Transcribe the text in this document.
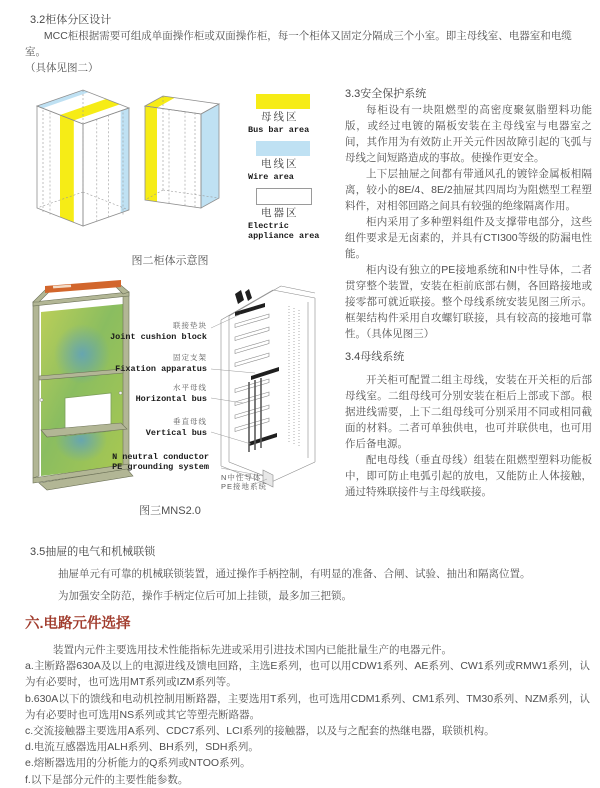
3.2柜体分区设计

MCC柜根据需要可组成单面操作柜或双面操作柜，每一个柜体又固定分隔成三个小室。即主母线室、电器室和电缆室。

（具体见图二）

母线区
Bus bar area
电线区
Wire area
电器区
Electric appliance area
图二柜体示意图
联接垫块
Joint cushion block
固定支架
Fixation apparatus
水平母线
Horizontal bus
垂直母线
Vertical bus
N neutral conductor
PE grounding system
N中性导体
PE接地系统
图三MNS2.0
3.3安全保护系统

每柜设有一块阻燃型的高密度聚氨脂塑料功能版，或经过电镀的隔板安装在主母线室与电器室之间，其作用为有效防止开关元件因故障引起的飞弧与母线之间短路造成的事故。使操作更安全。

上下层抽屉之间都有带通风孔的镀锌金属板相隔离，较小的8E/4、8E/2抽屉其四周均为阻燃型工程塑料件，对相邻回路之间具有较强的绝缘隔离作用。

柜内采用了多种塑料组件及支撑带电部分，这些组件要求是无卤素的，并具有CTI300等级的防漏电性能。

柜内设有独立的PE接地系统和N中性导体，二者贯穿整个装置，安装在柜前底部右侧，各回路接地或接零都可就近联接。整个母线系统安装见图三所示。框架结构件采用自攻螺钉联接，具有较高的接地可靠性。（具体见图三）

3.4母线系统

开关柜可配置二组主母线，安装在开关柜的后部母线室。二组母线可分别安装在柜后上部或下部。根据进线需要，上下二组母线可分别采用不同或相同截面的材料。二者可单独供电，也可并联供电，也可用作后备电源。

配电母线（垂直母线）组装在阻燃型塑料功能板中，即可防止电弧引起的放电，又能防止人体接触，通过特殊联接件与主母线联接。

3.5抽屉的电气和机械联锁

抽屉单元有可靠的机械联锁装置，通过操作手柄控制，有明显的准备、合闸、试验、抽出和隔离位置。

为加强安全防范，操作手柄定位后可加上挂锁，最多加三把锁。

六.电路元件选择

装置内元件主要选用技术性能指标先进或采用引进技术国内已能批量生产的电器元件。

a.主断路器630A及以上的电源进线及馈电回路，主选E系列，也可以用CDW1系列、AE系列、CW1系列或RMW1系列，认为有必要时，也可选用MT系列或IZM系列等。

b.630A以下的馈线和电动机控制用断路器，主要选用T系列，也可选用CDM1系列、CM1系列、TM30系列、NZM系列，认为有必要时也可选用NS系列或其它等塑壳断路器。

c.交流接触器主要选用A系列、CDC7系列、LCI系列的接触器，以及与之配套的热继电器，联锁机构。

d.电流互感器选用ALH系列、BH系列，SDH系列。

e.熔断器选用的分析能力的Q系列或NTOO系列。

f.以下是部分元件的主要性能参数。
